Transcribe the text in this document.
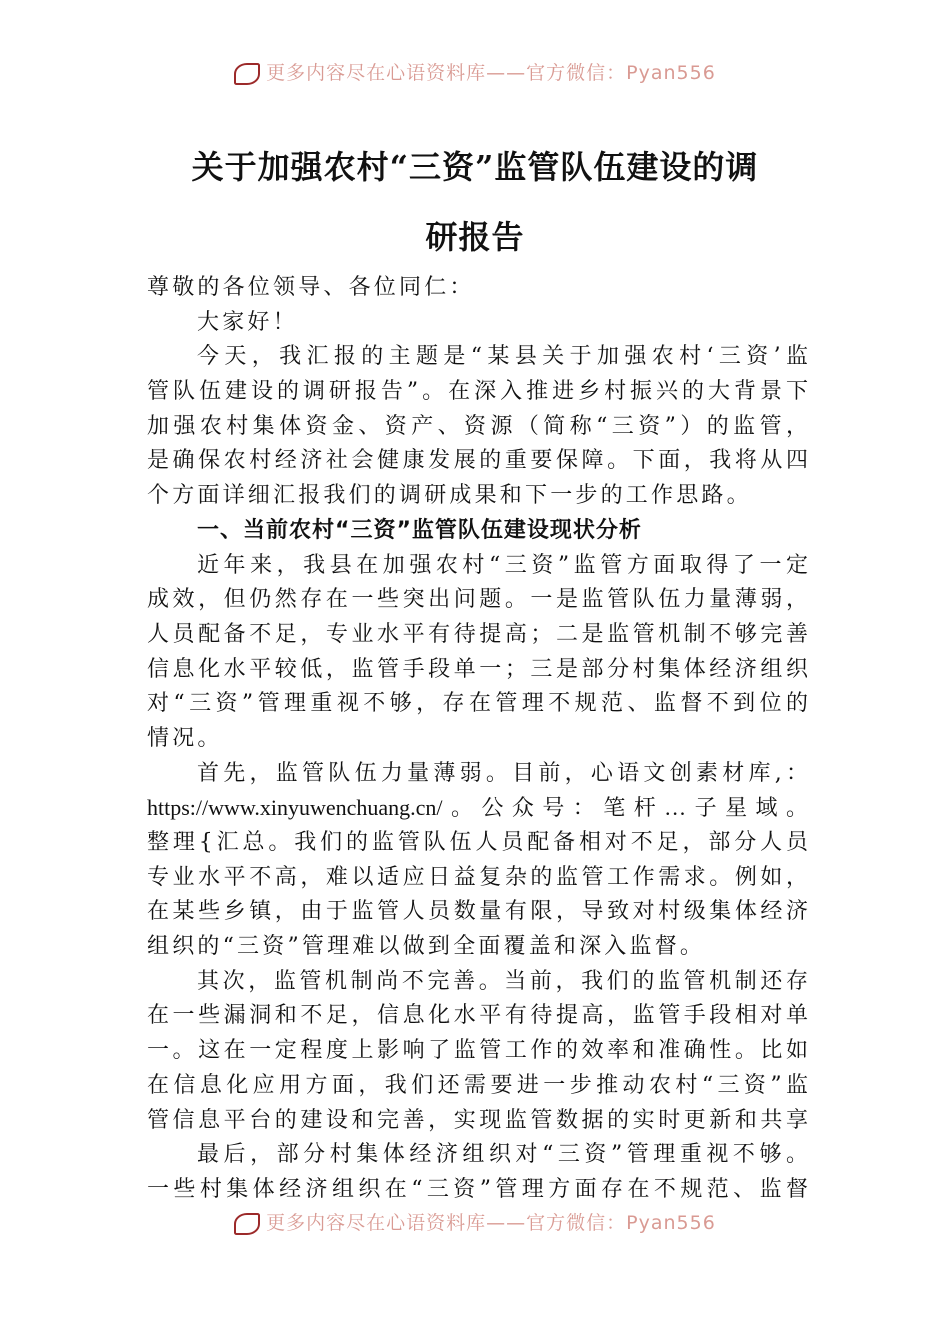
更多内容尽在心语资料库——官方微信：Pyan556
关于加强农村“三资”监管队伍建设的调
研报告
尊敬的各位领导、各位同仁：
大家好！
今天，我汇报的主题是“某县关于加强农村‘三资’监
管队伍建设的调研报告”。在深入推进乡村振兴的大背景下
加强农村集体资金、资产、资源（简称“三资”）的监管，
是确保农村经济社会健康发展的重要保障。下面，我将从四
个方面详细汇报我们的调研成果和下一步的工作思路。
一、当前农村“三资”监管队伍建设现状分析
近年来，我县在加强农村“三资”监管方面取得了一定
成效，但仍然存在一些突出问题。一是监管队伍力量薄弱，
人员配备不足，专业水平有待提高；二是监管机制不够完善
信息化水平较低，监管手段单一；三是部分村集体经济组织
对“三资”管理重视不够，存在管理不规范、监督不到位的
情况。
首先，监管队伍力量薄弱。目前，心语文创素材库,：
https://www.xinyuwenchuang.cn/。公众号：笔杆…子星域。
整理{汇总。我们的监管队伍人员配备相对不足，部分人员
专业水平不高，难以适应日益复杂的监管工作需求。例如，
在某些乡镇，由于监管人员数量有限，导致对村级集体经济
组织的“三资”管理难以做到全面覆盖和深入监督。
其次，监管机制尚不完善。当前，我们的监管机制还存
在一些漏洞和不足，信息化水平有待提高，监管手段相对单
一。这在一定程度上影响了监管工作的效率和准确性。比如
在信息化应用方面，我们还需要进一步推动农村“三资”监
管信息平台的建设和完善，实现监管数据的实时更新和共享
最后，部分村集体经济组织对“三资”管理重视不够。
一些村集体经济组织在“三资”管理方面存在不规范、监督
更多内容尽在心语资料库——官方微信：Pyan556
